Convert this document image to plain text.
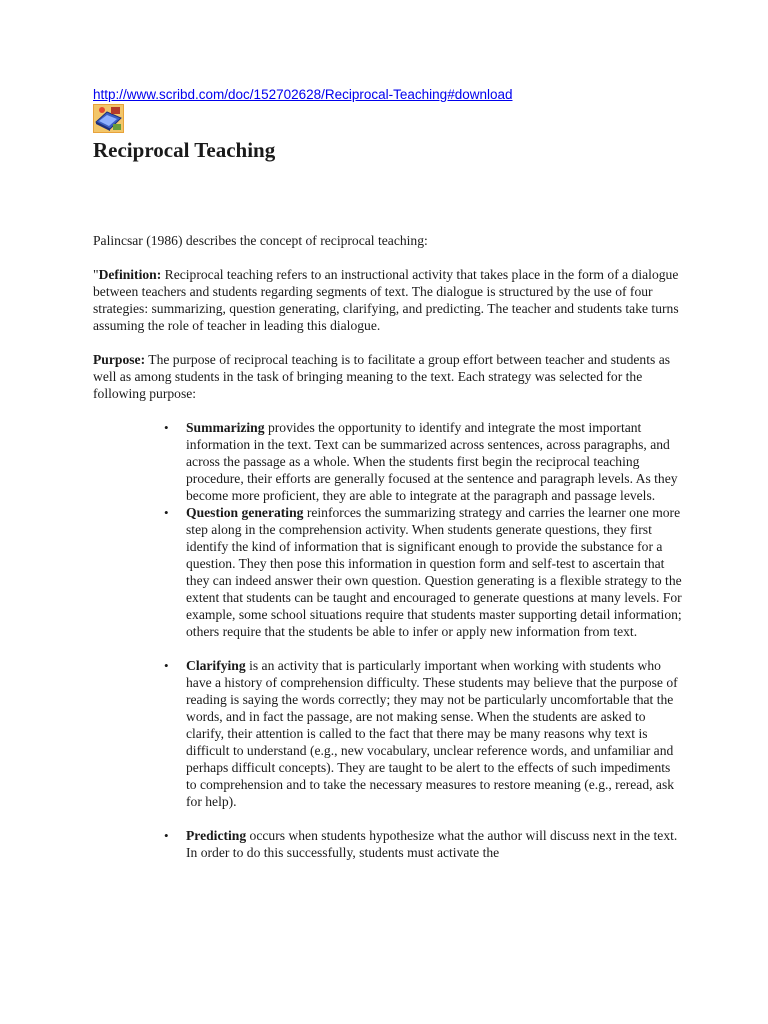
http://www.scribd.com/doc/152702628/Reciprocal-Teaching#download
Reciprocal Teaching

Palincsar (1986) describes the concept of reciprocal teaching:

"Definition: Reciprocal teaching refers to an instructional activity that takes place in the form of a dialogue between teachers and students regarding segments of text. The dialogue is structured by the use of four strategies: summarizing, question generating, clarifying, and predicting. The teacher and students take turns assuming the role of teacher in leading this dialogue.

Purpose: The purpose of reciprocal teaching is to facilitate a group effort between teacher and students as well as among students in the task of bringing meaning to the text. Each strategy was selected for the following purpose:

• Summarizing provides the opportunity to identify and integrate the most important information in the text. Text can be summarized across sentences, across paragraphs, and across the passage as a whole. When the students first begin the reciprocal teaching procedure, their efforts are generally focused at the sentence and paragraph levels. As they become more proficient, they are able to integrate at the paragraph and passage levels.
• Question generating reinforces the summarizing strategy and carries the learner one more step along in the comprehension activity. When students generate questions, they first identify the kind of information that is significant enough to provide the substance for a question. They then pose this information in question form and self-test to ascertain that they can indeed answer their own question. Question generating is a flexible strategy to the extent that students can be taught and encouraged to generate questions at many levels. For example, some school situations require that students master supporting detail information; others require that the students be able to infer or apply new information from text.
• Clarifying is an activity that is particularly important when working with students who have a history of comprehension difficulty. These students may believe that the purpose of reading is saying the words correctly; they may not be particularly uncomfortable that the words, and in fact the passage, are not making sense. When the students are asked to clarify, their attention is called to the fact that there may be many reasons why text is difficult to understand (e.g., new vocabulary, unclear reference words, and unfamiliar and perhaps difficult concepts). They are taught to be alert to the effects of such impediments to comprehension and to take the necessary measures to restore meaning (e.g., reread, ask for help).
• Predicting occurs when students hypothesize what the author will discuss next in the text. In order to do this successfully, students must activate the
